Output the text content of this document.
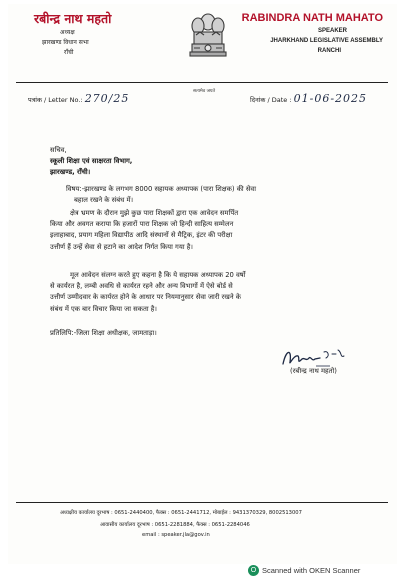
रबीन्द्र नाथ महतो
अध्यक्ष
झारखण्ड विधान सभा
राँची
सत्यमेव जयते
RABINDRA NATH MAHATO
SPEAKER
JHARKHAND LEGISLATIVE ASSEMBLY
RANCHI
पत्रांक / Letter No.: 270/25	दिनांक / Date : 01-06-2025
सचिव,
स्कूली शिक्षा एवं साक्षरता विभाग,
झारखण्ड, राँची।
विषय:-झारखण्ड के लगभग 8000 सहायक अध्यापक (पारा शिक्षक) की सेवा
बहाल रखने के संबंध में।
क्षेत्र भ्रमण के दौरान मुझे कुछ पारा शिक्षकों द्वारा एक आवेदन समर्पित
किया और अवगत कराया कि हजारों पारा शिक्षक जो हिन्दी साहित्य सम्मेलन
इलाहाबाद, प्रयाग महिला विद्यापीठ आदि संस्थानों से मैट्रिक, इंटर की परीक्षा
उत्तीर्ण हैं उन्हें सेवा से हटाने का आदेश निर्गत किया गया है।
मूल आवेदन संलग्न करते हुए कहना है कि ये सहायक अध्यापक 20 वर्षो
से कार्यरत है, लम्बी अवधि से कार्यरत रहने और अन्य विभागों में ऐसे बोर्ड से
उत्तीर्ण उम्मीदवार के कार्यरत होने के आधार पर नियमानुसार सेवा जारी रखने के
संबंध में एक बार विचार किया जा सकता है।
प्रतिलिपि:-जिला शिक्षा अधीक्षक, जामताड़ा।
(रबीन्द्र नाथ महतो)
अध्यक्षीय कार्यालय दूरभाष : 0651-2440400, फैक्स : 0651-2441712, मोबाईल : 9431370329, 8002513007
आवासीय कार्यालय दूरभाष : 0651-2281884, फैक्स : 0651-2284046
email : speaker.jla@gov.in
O Scanned with OKEN Scanner
